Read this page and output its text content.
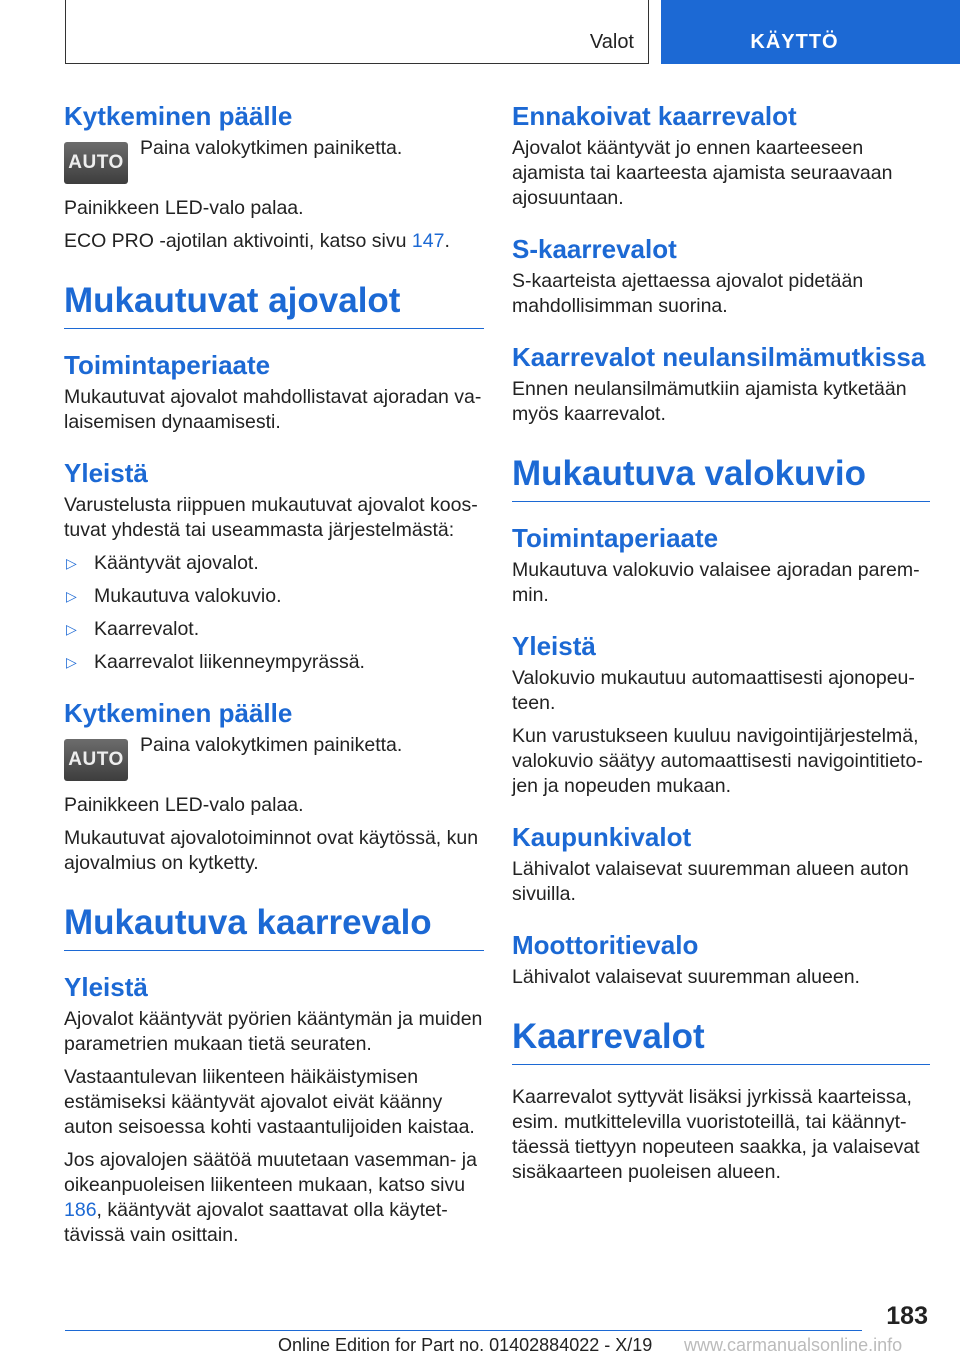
Valot	KÄYTTÖ
Kytkeminen päälle
AUTO

Paina valokytkimen painiketta.

Painikkeen LED-valo palaa.

ECO PRO -ajotilan aktivointi, katso sivu 147.

Mukautuvat ajovalot
Toimintaperiaate

Mukautuvat ajovalot mahdollistavat ajoradan valaisemisen dynaamisesti.

Yleistä

Varustelusta riippuen mukautuvat ajovalot koostuvat yhdestä tai useammasta järjestelmästä:

▷ Kääntyvät ajovalot.
▷ Mukautuva valokuvio.
▷ Kaarrevalot.
▷ Kaarrevalot liikenneympyrässä.
Kytkeminen päälle
AUTO

Paina valokytkimen painiketta.

Painikkeen LED-valo palaa.

Mukautuvat ajovalotoiminnot ovat käytössä, kun ajovalmius on kytketty.

Mukautuva kaarrevalo
Yleistä

Ajovalot kääntyvät pyörien kääntymän ja muiden parametrien mukaan tietä seuraten.

Vastaantulevan liikenteen häikäistymisen estämiseksi kääntyvät ajovalot eivät käänny auton seisoessa kohti vastaantulijoiden kaistaa.

Jos ajovalojen säätöä muutetaan vasemman- ja oikeanpuoleisen liikenteen mukaan, katso sivu 186, kääntyvät ajovalot saattavat olla käytettävissä vain osittain.

Ennakoivat kaarrevalot

Ajovalot kääntyvät jo ennen kaarteeseen ajamista tai kaarteesta ajamista seuraavaan ajosuuntaan.

S-kaarrevalot

S-kaarteista ajettaessa ajovalot pidetään mahdollisimman suorina.

Kaarrevalot neulansilmämutkissa

Ennen neulansilmämutkiin ajamista kytketään myös kaarrevalot.

Mukautuva valokuvio
Toimintaperiaate

Mukautuva valokuvio valaisee ajoradan paremmin.

Yleistä

Valokuvio mukautuu automaattisesti ajonopeuteen.

Kun varustukseen kuuluu navigointijärjestelmä, valokuvio säätyy automaattisesti navigointitietojen ja nopeuden mukaan.

Kaupunkivalot

Lähivalot valaisevat suuremman alueen auton sivuilla.

Moottoritievalo

Lähivalot valaisevat suuremman alueen.

Kaarrevalot

Kaarrevalot syttyvät lisäksi jyrkissä kaarteissa, esim. mutkittelevilla vuoristoteillä, tai käännyttäessä tiettyyn nopeuteen saakka, ja valaisevat sisäkaarteen puoleisen alueen.

183
Online Edition for Part no. 01402884022 - X/19 www.carmanualsonline.info
